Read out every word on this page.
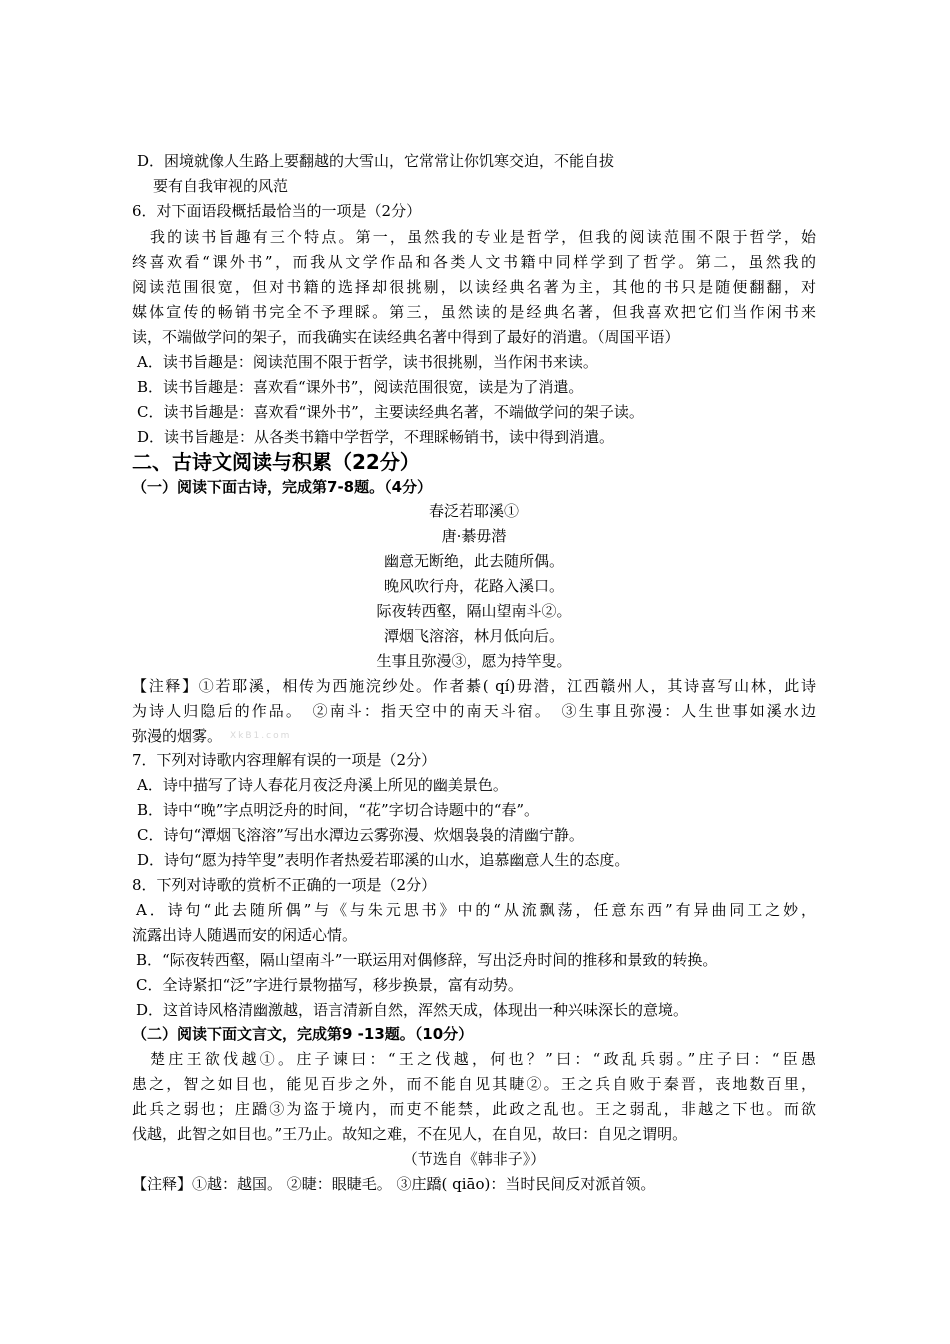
D．困境就像人生路上要翻越的大雪山，它常常让你饥寒交迫，不能自拔
要有自我审视的风范
6．对下面语段概括最恰当的一项是（2分）
我的读书旨趣有三个特点。第一，虽然我的专业是哲学，但我的阅读范围不限于哲学，始
终喜欢看“课外书”，而我从文学作品和各类人文书籍中同样学到了哲学。第二，虽然我的
阅读范围很宽，但对书籍的选择却很挑剔，以读经典名著为主，其他的书只是随便翻翻，对
媒体宣传的畅销书完全不予理睬。第三，虽然读的是经典名著，但我喜欢把它们当作闲书来
读，不端做学问的架子，而我确实在读经典名著中得到了最好的消遣。（周国平语）
A．读书旨趣是：阅读范围不限于哲学，读书很挑剔，当作闲书来读。
B．读书旨趣是：喜欢看“课外书”，阅读范围很宽，读是为了消遣。
C．读书旨趣是：喜欢看“课外书”，主要读经典名著，不端做学问的架子读。
D．读书旨趣是：从各类书籍中学哲学，不理睬畅销书，读中得到消遣。
二、古诗文阅读与积累（22分）
（一）阅读下面古诗，完成第7-8题。（4分）
春泛若耶溪①
唐·綦毋潜
幽意无断绝，此去随所偶。
晚风吹行舟，花路入溪口。
际夜转西壑，隔山望南斗②。
潭烟飞溶溶，林月低向后。
生事且弥漫③，愿为持竿叟。
【注释】①若耶溪，相传为西施浣纱处。作者綦( qí)毋潜，江西赣州人，其诗喜写山林，此诗
为诗人归隐后的作品。　②南斗：指天空中的南天斗宿。　③生事且弥漫：人生世事如溪水边
弥漫的烟雾。 XkB1.com
7．下列对诗歌内容理解有误的一项是（2分）
A．诗中描写了诗人春花月夜泛舟溪上所见的幽美景色。
B．诗中“晚”字点明泛舟的时间，“花”字切合诗题中的“春”。
C．诗句“潭烟飞溶溶”写出水潭边云雾弥漫、炊烟袅袅的清幽宁静。
D．诗句“愿为持竿叟”表明作者热爱若耶溪的山水，追慕幽意人生的态度。
8．下列对诗歌的赏析不正确的一项是（2分）
A．诗句“此去随所偶”与《与朱元思书》中的“从流飘荡，任意东西”有异曲同工之妙，
流露出诗人随遇而安的闲适心情。
B．“际夜转西壑，隔山望南斗”一联运用对偶修辞，写出泛舟时间的推移和景致的转换。
C．全诗紧扣“泛”字进行景物描写，移步换景，富有动势。
D．这首诗风格清幽激越，语言清新自然，浑然天成，体现出一种兴味深长的意境。
（二）阅读下面文言文，完成第9 -13题。（10分）
楚庄王欲伐越①。庄子谏曰：“王之伐越，何也？”曰：“政乱兵弱。”庄子曰：“臣愚
患之，智之如目也，能见百步之外，而不能自见其睫②。王之兵自败于秦晋，丧地数百里，
此兵之弱也；庄蹻③为盗于境内，而吏不能禁，此政之乱也。王之弱乱，非越之下也。而欲
伐越，此智之如目也。”王乃止。故知之难，不在见人，在自见，故曰：自见之谓明。
（节选自《韩非子》）
【注释】①越：越国。 ②睫：眼睫毛。 ③庄蹻( qiāo)：当时民间反对派首领。
